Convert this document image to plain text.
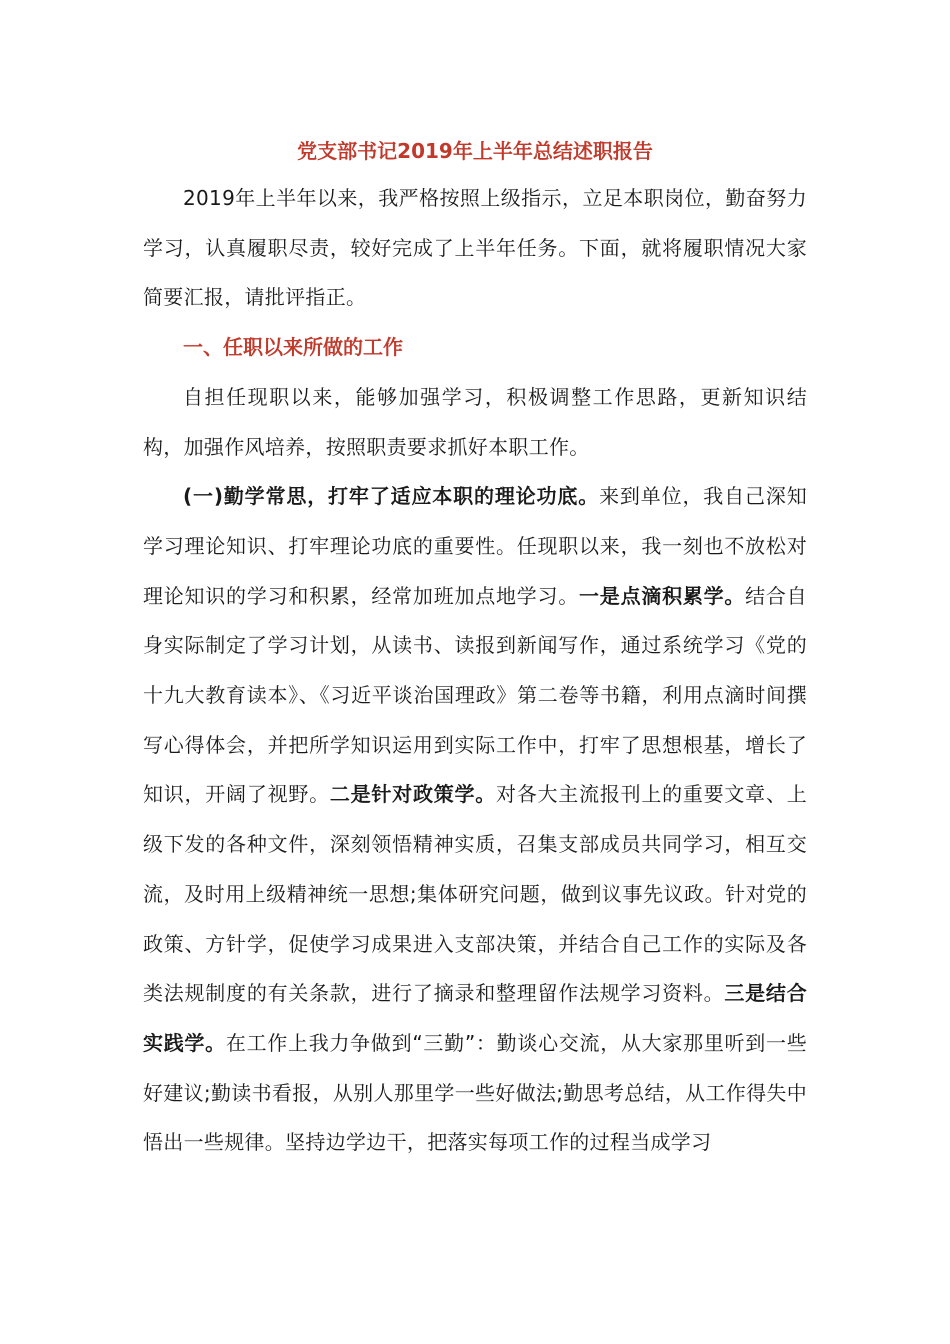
党支部书记2019年上半年总结述职报告

2019年上半年以来，我严格按照上级指示，立足本职岗位，勤奋努力学习，认真履职尽责，较好完成了上半年任务。下面，就将履职情况大家简要汇报，请批评指正。

一、任职以来所做的工作

自担任现职以来，能够加强学习，积极调整工作思路，更新知识结构，加强作风培养，按照职责要求抓好本职工作。

(一)勤学常思，打牢了适应本职的理论功底。来到单位，我自己深知学习理论知识、打牢理论功底的重要性。任现职以来，我一刻也不放松对理论知识的学习和积累，经常加班加点地学习。一是点滴积累学。结合自身实际制定了学习计划，从读书、读报到新闻写作，通过系统学习《党的十九大教育读本》、《习近平谈治国理政》第二卷等书籍，利用点滴时间撰写心得体会，并把所学知识运用到实际工作中，打牢了思想根基，增长了知识，开阔了视野。二是针对政策学。对各大主流报刊上的重要文章、上级下发的各种文件，深刻领悟精神实质，召集支部成员共同学习，相互交流，及时用上级精神统一思想;集体研究问题，做到议事先议政。针对党的政策、方针学，促使学习成果进入支部决策，并结合自己工作的实际及各类法规制度的有关条款，进行了摘录和整理留作法规学习资料。三是结合实践学。在工作上我力争做到“三勤”：勤谈心交流，从大家那里听到一些好建议;勤读书看报，从别人那里学一些好做法;勤思考总结，从工作得失中悟出一些规律。坚持边学边干，把落实每项工作的过程当成学习
